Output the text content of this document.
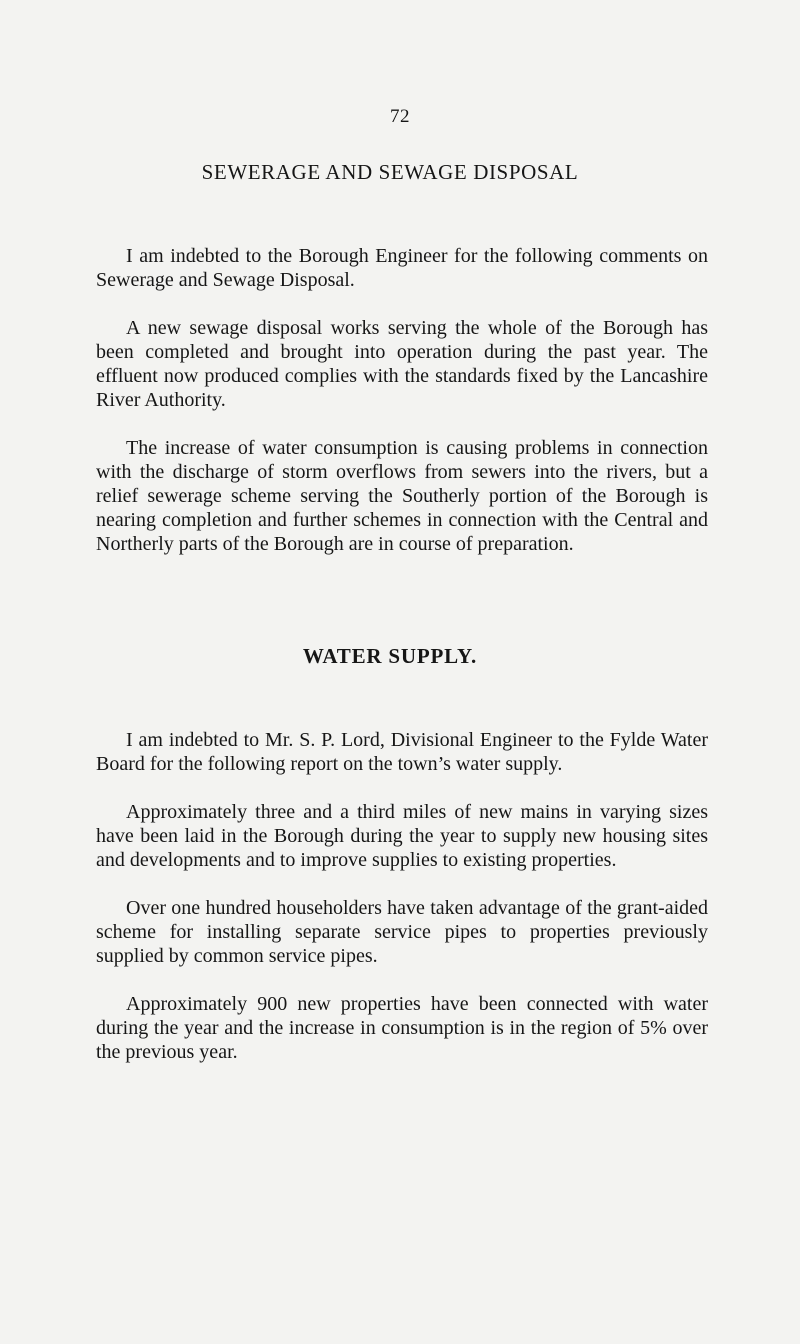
72
SEWERAGE AND SEWAGE DISPOSAL

I am indebted to the Borough Engineer for the following comments on Sewerage and Sewage Disposal.

A new sewage disposal works serving the whole of the Borough has been completed and brought into operation during the past year. The effluent now produced complies with the standards fixed by the Lancashire River Authority.

The increase of water consumption is causing problems in connection with the discharge of storm overflows from sewers into the rivers, but a relief sewerage scheme serving the Southerly portion of the Borough is nearing completion and further schemes in connection with the Central and Northerly parts of the Borough are in course of preparation.

WATER SUPPLY.

I am indebted to Mr. S. P. Lord, Divisional Engineer to the Fylde Water Board for the following report on the town’s water supply.

Approximately three and a third miles of new mains in varying sizes have been laid in the Borough during the year to supply new housing sites and developments and to improve supplies to existing properties.

Over one hundred householders have taken advantage of the grant-aided scheme for installing separate service pipes to properties previously supplied by common service pipes.

Approximately 900 new properties have been connected with water during the year and the increase in consumption is in the region of 5% over the previous year.
